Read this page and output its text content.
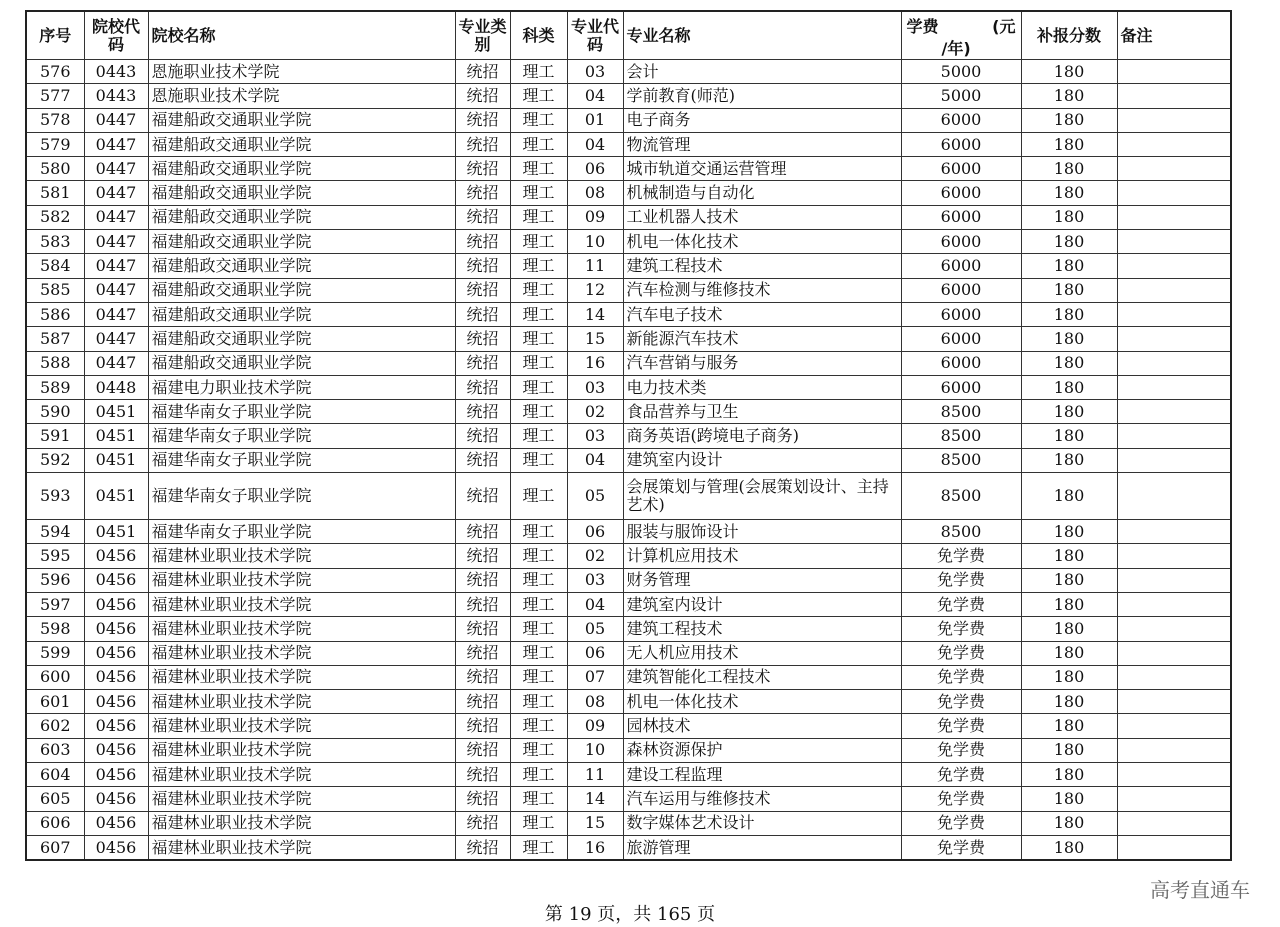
序号	院校代码	院校名称	专业类别	科类	专业代码	专业名称	学费 (元
/年)	补报分数	备注
576	0443	恩施职业技术学院	统招	理工	03	会计	5000	180	
577	0443	恩施职业技术学院	统招	理工	04	学前教育(师范)	5000	180	
578	0447	福建船政交通职业学院	统招	理工	01	电子商务	6000	180	
579	0447	福建船政交通职业学院	统招	理工	04	物流管理	6000	180	
580	0447	福建船政交通职业学院	统招	理工	06	城市轨道交通运营管理	6000	180	
581	0447	福建船政交通职业学院	统招	理工	08	机械制造与自动化	6000	180	
582	0447	福建船政交通职业学院	统招	理工	09	工业机器人技术	6000	180	
583	0447	福建船政交通职业学院	统招	理工	10	机电一体化技术	6000	180	
584	0447	福建船政交通职业学院	统招	理工	11	建筑工程技术	6000	180	
585	0447	福建船政交通职业学院	统招	理工	12	汽车检测与维修技术	6000	180	
586	0447	福建船政交通职业学院	统招	理工	14	汽车电子技术	6000	180	
587	0447	福建船政交通职业学院	统招	理工	15	新能源汽车技术	6000	180	
588	0447	福建船政交通职业学院	统招	理工	16	汽车营销与服务	6000	180	
589	0448	福建电力职业技术学院	统招	理工	03	电力技术类	6000	180	
590	0451	福建华南女子职业学院	统招	理工	02	食品营养与卫生	8500	180	
591	0451	福建华南女子职业学院	统招	理工	03	商务英语(跨境电子商务)	8500	180	
592	0451	福建华南女子职业学院	统招	理工	04	建筑室内设计	8500	180	
593	0451	福建华南女子职业学院	统招	理工	05	会展策划与管理(会展策划设计、主持艺术)	8500	180	
594	0451	福建华南女子职业学院	统招	理工	06	服装与服饰设计	8500	180	
595	0456	福建林业职业技术学院	统招	理工	02	计算机应用技术	免学费	180	
596	0456	福建林业职业技术学院	统招	理工	03	财务管理	免学费	180	
597	0456	福建林业职业技术学院	统招	理工	04	建筑室内设计	免学费	180	
598	0456	福建林业职业技术学院	统招	理工	05	建筑工程技术	免学费	180	
599	0456	福建林业职业技术学院	统招	理工	06	无人机应用技术	免学费	180	
600	0456	福建林业职业技术学院	统招	理工	07	建筑智能化工程技术	免学费	180	
601	0456	福建林业职业技术学院	统招	理工	08	机电一体化技术	免学费	180	
602	0456	福建林业职业技术学院	统招	理工	09	园林技术	免学费	180	
603	0456	福建林业职业技术学院	统招	理工	10	森林资源保护	免学费	180	
604	0456	福建林业职业技术学院	统招	理工	11	建设工程监理	免学费	180	
605	0456	福建林业职业技术学院	统招	理工	14	汽车运用与维修技术	免学费	180	
606	0456	福建林业职业技术学院	统招	理工	15	数字媒体艺术设计	免学费	180	
607	0456	福建林业职业技术学院	统招	理工	16	旅游管理	免学费	180	
高考直通车
第 19 页，共 165 页
